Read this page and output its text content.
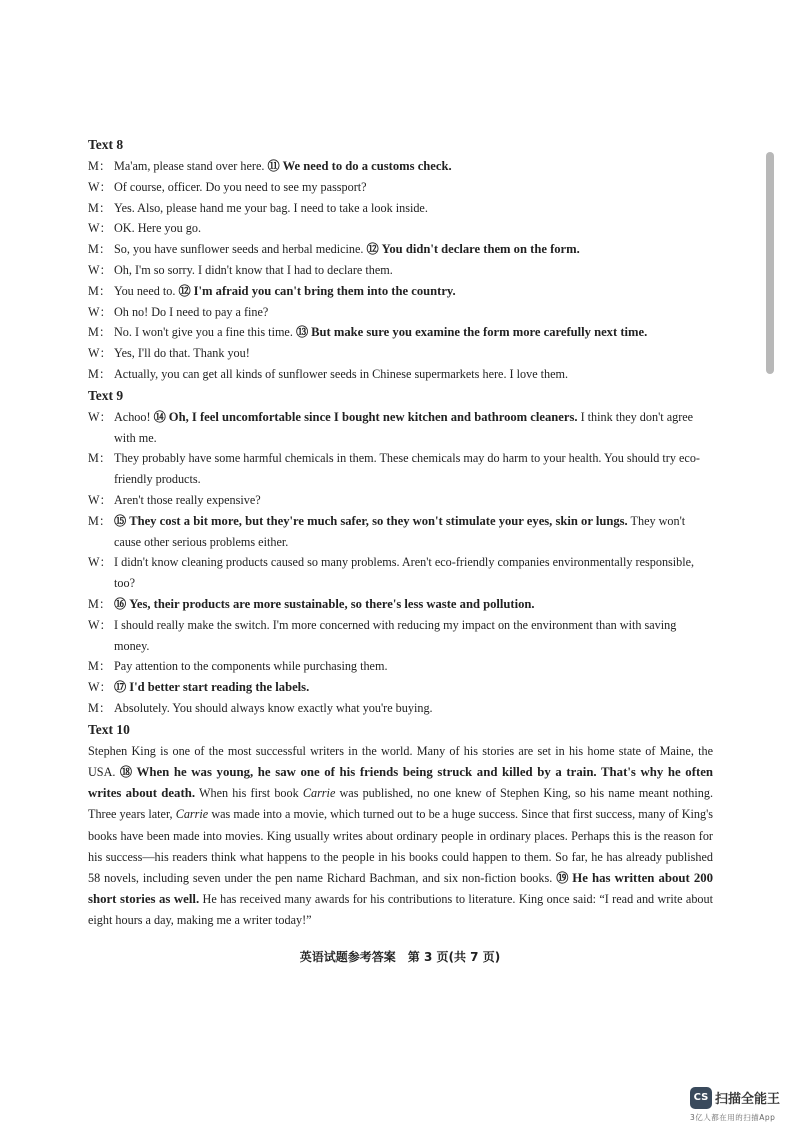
Text 8
M： Ma'am, please stand over here. ⑪ We need to do a customs check.
W： Of course, officer. Do you need to see my passport?
M： Yes. Also, please hand me your bag. I need to take a look inside.
W： OK. Here you go.
M： So, you have sunflower seeds and herbal medicine. ⑫ You didn't declare them on the form.
W： Oh, I'm so sorry. I didn't know that I had to declare them.
M： You need to. ⑫ I'm afraid you can't bring them into the country.
W： Oh no! Do I need to pay a fine?
M： No. I won't give you a fine this time. ⑬ But make sure you examine the form more carefully next time.
W： Yes, I'll do that. Thank you!
M： Actually, you can get all kinds of sunflower seeds in Chinese supermarkets here. I love them.
Text 9
W： Achoo! ⑭ Oh, I feel uncomfortable since I bought new kitchen and bathroom cleaners. I think they don't agree with me.
M： They probably have some harmful chemicals in them. These chemicals may do harm to your health. You should try eco-friendly products.
W： Aren't those really expensive?
M： ⑮ They cost a bit more, but they're much safer, so they won't stimulate your eyes, skin or lungs. They won't cause other serious problems either.
W： I didn't know cleaning products caused so many problems. Aren't eco-friendly companies environmentally responsible, too?
M： ⑯ Yes, their products are more sustainable, so there's less waste and pollution.
W： I should really make the switch. I'm more concerned with reducing my impact on the environment than with saving money.
M： Pay attention to the components while purchasing them.
W： ⑰ I'd better start reading the labels.
M： Absolutely. You should always know exactly what you're buying.
Text 10
Stephen King is one of the most successful writers in the world. Many of his stories are set in his home state of Maine, the USA. ⑱ When he was young, he saw one of his friends being struck and killed by a train. That's why he often writes about death. When his first book Carrie was published, no one knew of Stephen King, so his name meant nothing. Three years later, Carrie was made into a movie, which turned out to be a huge success. Since that first success, many of King's books have been made into movies. King usually writes about ordinary people in ordinary places. Perhaps this is the reason for his success—his readers think what happens to the people in his books could happen to them. So far, he has already published 58 novels, including seven under the pen name Richard Bachman, and six non-fiction books. ⑲ He has written about 200 short stories as well. He has received many awards for his contributions to literature. King once said: “I read and write about eight hours a day, making me a writer today!”
英语试题参考答案　第 3 页(共 7 页)
CS 扫描全能王
3亿人都在用的扫描App
